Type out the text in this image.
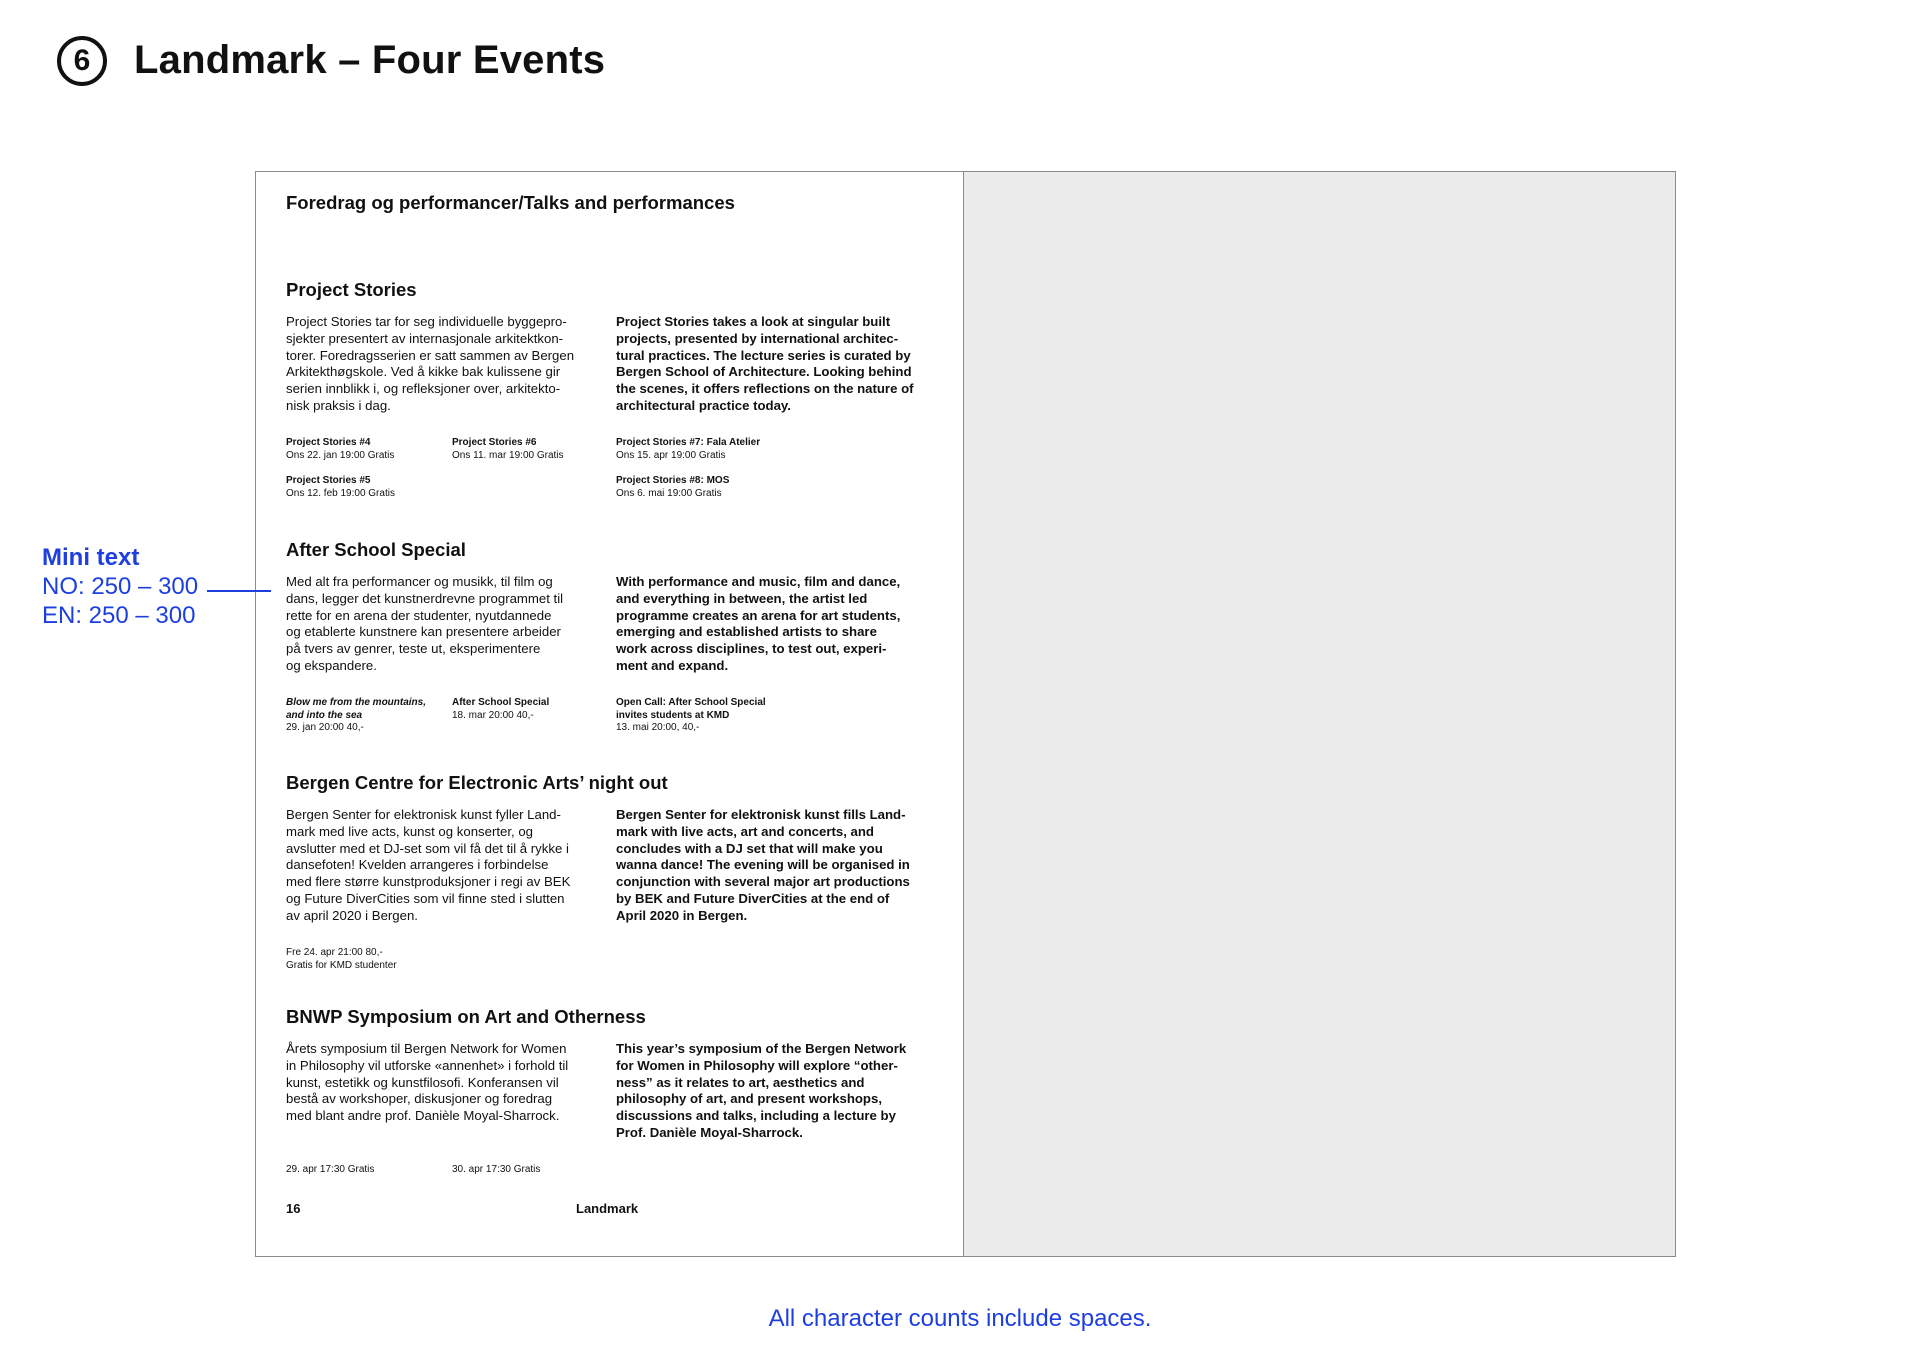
6 Landmark – Four Events
Foredrag og performancer/Talks and performances
Project Stories
Project Stories tar for seg individuelle byggepro-
sjekter presentert av internasjonale arkitektkon-
torer. Foredragsserien er satt sammen av Bergen
Arkitekthøgskole. Ved å kikke bak kulissene gir
serien innblikk i, og refleksjoner over, arkitekto-
nisk praksis i dag.
Project Stories takes a look at singular built
projects, presented by international architec-
tural practices. The lecture series is curated by
Bergen School of Architecture. Looking behind
the scenes, it offers reflections on the nature of
architectural practice today.
Project Stories #4
Ons 22. jan 19:00 Gratis
Project Stories #6
Ons 11. mar 19:00 Gratis
Project Stories #7: Fala Atelier
Ons 15. apr 19:00 Gratis
Project Stories #5
Ons 12. feb 19:00 Gratis
Project Stories #8: MOS
Ons 6. mai 19:00 Gratis
After School Special
Med alt fra performancer og musikk, til film og
dans, legger det kunstnerdrevne programmet til
rette for en arena der studenter, nyutdannede
og etablerte kunstnere kan presentere arbeider
på tvers av genrer, teste ut, eksperimentere
og ekspandere.
With performance and music, film and dance,
and everything in between, the artist led
programme creates an arena for art students,
emerging and established artists to share
work across disciplines, to test out, experi-
ment and expand.
Blow me from the mountains, and into the sea
29. jan 20:00 40,-
After School Special
18. mar 20:00 40,-
Open Call: After School Special invites students at KMD
13. mai 20:00, 40,-
Bergen Centre for Electronic Arts’ night out
Bergen Senter for elektronisk kunst fyller Land-
mark med live acts, kunst og konserter, og
avslutter med et DJ-set som vil få det til å rykke i
dansefoten! Kvelden arrangeres i forbindelse
med flere større kunstproduksjoner i regi av BEK
og Future DiverCities som vil finne sted i slutten
av april 2020 i Bergen.
Bergen Senter for elektronisk kunst fills Land-
mark with live acts, art and concerts, and
concludes with a DJ set that will make you
wanna dance! The evening will be organised in
conjunction with several major art productions
by BEK and Future DiverCities at the end of
April 2020 in Bergen.
Fre 24. apr 21:00 80,-
Gratis for KMD studenter
BNWP Symposium on Art and Otherness
Årets symposium til Bergen Network for Women
in Philosophy vil utforske «annenhet» i forhold til
kunst, estetikk og kunstfilosofi. Konferansen vil
bestå av workshoper, diskusjoner og foredrag
med blant andre prof. Danièle Moyal-Sharrock.
This year’s symposium of the Bergen Network
for Women in Philosophy will explore “other-
ness” as it relates to art, aesthetics and
philosophy of art, and present workshops,
discussions and talks, including a lecture by
Prof. Danièle Moyal-Sharrock.
29. apr 17:30 Gratis	30. apr 17:30 Gratis
16	Landmark
Mini text
NO: 250 – 300
EN: 250 – 300
All character counts include spaces.
